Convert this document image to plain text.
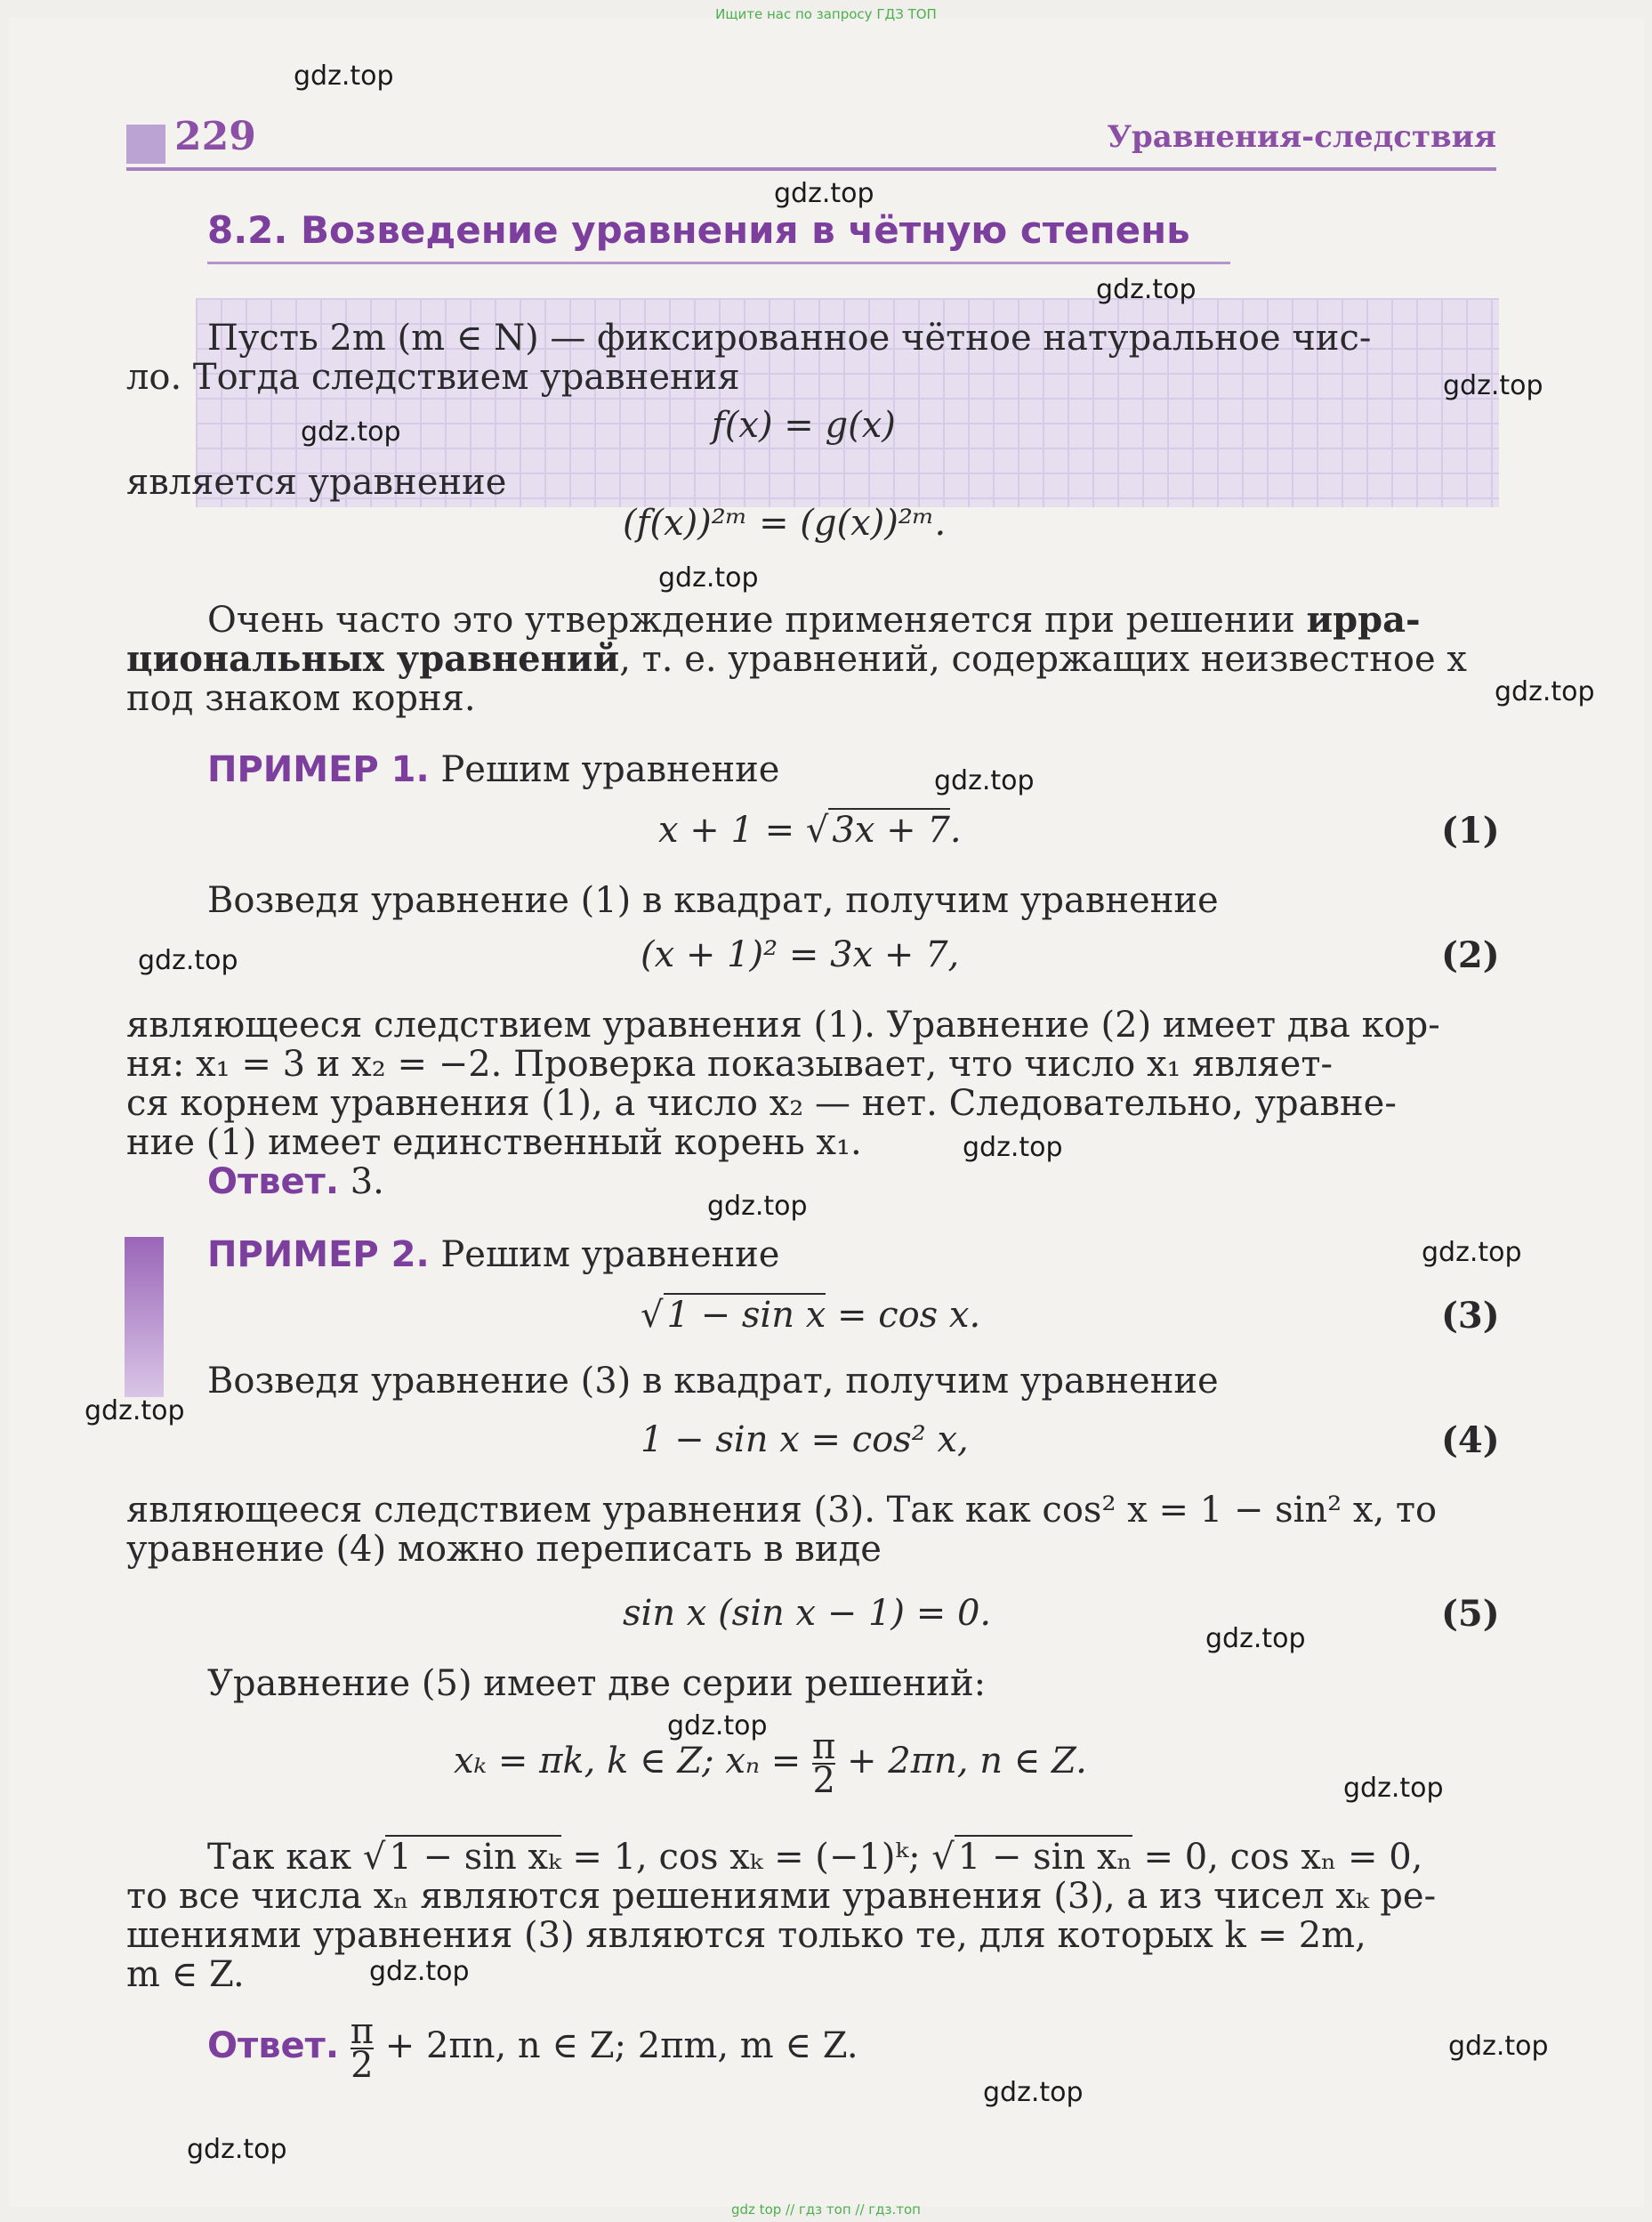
Ищите нас по запросу ГДЗ ТОП
229	Уравнения-следствия
8.2. Возведение уравнения в чётную степень
Пусть 2m (m ∈ N) — фиксированное чётное натуральное чис-
ло. Тогда следствием уравнения
f(x) = g(x)
является уравнение
(f(x))²ᵐ = (g(x))²ᵐ.
Очень часто это утверждение применяется при решении ирра-
циональных уравнений, т. е. уравнений, содержащих неизвестное x
под знаком корня.
ПРИМЕР 1. Решим уравнение
x + 1 = √ 3x + 7.	(1)
Возведя уравнение (1) в квадрат, получим уравнение
(x + 1)² = 3x + 7,	(2)
являющееся следствием уравнения (1). Уравнение (2) имеет два кор-
ня: x₁ = 3 и x₂ = −2. Проверка показывает, что число x₁ являет-
ся корнем уравнения (1), а число x₂ — нет. Следовательно, уравне-
ние (1) имеет единственный корень x₁.
Ответ. 3.
ПРИМЕР 2. Решим уравнение
√ 1 − sin x = cos x.	(3)
Возведя уравнение (3) в квадрат, получим уравнение
1 − sin x = cos² x,	(4)
являющееся следствием уравнения (3). Так как cos² x = 1 − sin² x, то
уравнение (4) можно переписать в виде
sin x (sin x − 1) = 0.	(5)
Уравнение (5) имеет две серии решений:
xₖ = πk, k ∈ Z; $x_n = \frac{\pi}{2} + 2\pi n$, n ∈ Z.
Так как √ 1 − sin xₖ = 1, cos xₖ = (−1)ᵏ; √ 1 − sin xₙ = 0, cos xₙ = 0,
то все числа xₙ являются решениями уравнения (3), а из чисел xₖ ре-
шениями уравнения (3) являются только те, для которых k = 2m,
m ∈ Z.
Ответ. $\frac{\pi}{2} + 2\pi n$, n ∈ Z; 2πm, m ∈ Z.
gdz.top
gdz.top
gdz.top
gdz.top
gdz.top
gdz.top
gdz.top
gdz.top
gdz.top
gdz.top
gdz.top
gdz.top
gdz.top
gdz.top
gdz.top
gdz.top
gdz.top
gdz.top
gdz.top
gdz.top
gdz top // гдз топ // гдз.топ
